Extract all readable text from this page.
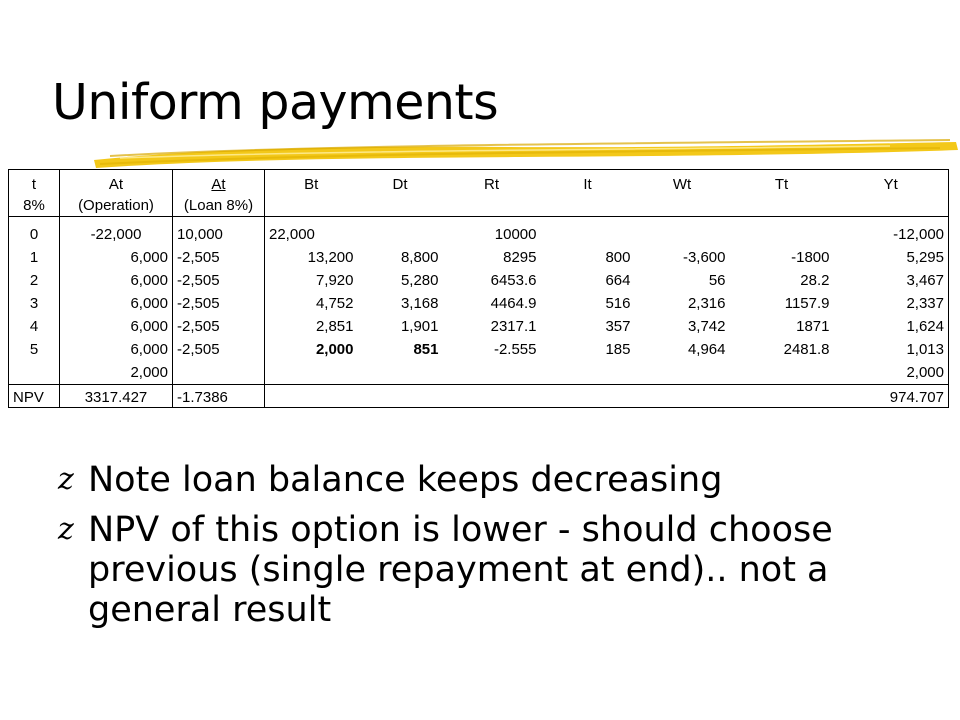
Uniform payments
t	At	At	Bt	Dt	Rt	It	Wt	Tt	Yt
8%	(Operation)	(Loan 8%)							
0	-22,000	10,000	22,000		10000				-12,000
1	6,000	-2,505	13,200	8,800	8295	800	-3,600	-1800	5,295
2	6,000	-2,505	7,920	5,280	6453.6	664	56	28.2	3,467
3	6,000	-2,505	4,752	3,168	4464.9	516	2,316	1157.9	2,337
4	6,000	-2,505	2,851	1,901	2317.1	357	3,742	1871	1,624
5	6,000	-2,505	2,000	851	-2.555	185	4,964	2481.8	1,013
	2,000								2,000
NPV	3317.427	-1.7386							974.707
z Note loan balance keeps decreasing
z NPV of this option is lower - should choose previous (single repayment at end).. not a general result
